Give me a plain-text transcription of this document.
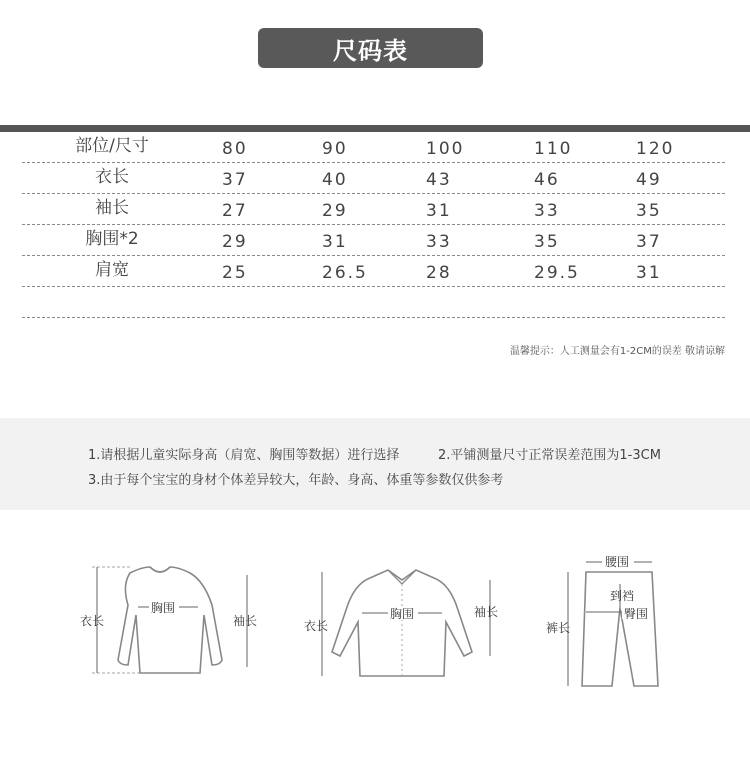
尺码表
部位/尺寸	80	90	100	110	120
衣长	37	40	43	46	49
袖长	27	29	31	33	35
胸围*2	29	31	33	35	37
肩宽	25	26.5	28	29.5	31
温馨提示：人工测量会有1-2CM的误差 敬请谅解
1.请根据儿童实际身高（肩宽、胸围等数据）进行选择	2.平铺测量尺寸正常误差范围为1-3CM
3.由于每个宝宝的身材个体差异较大，年龄、身高、体重等参数仅供参考
衣长
胸围
袖长	衣长
胸围	袖长
腰围
到裆
臀围
裤长
